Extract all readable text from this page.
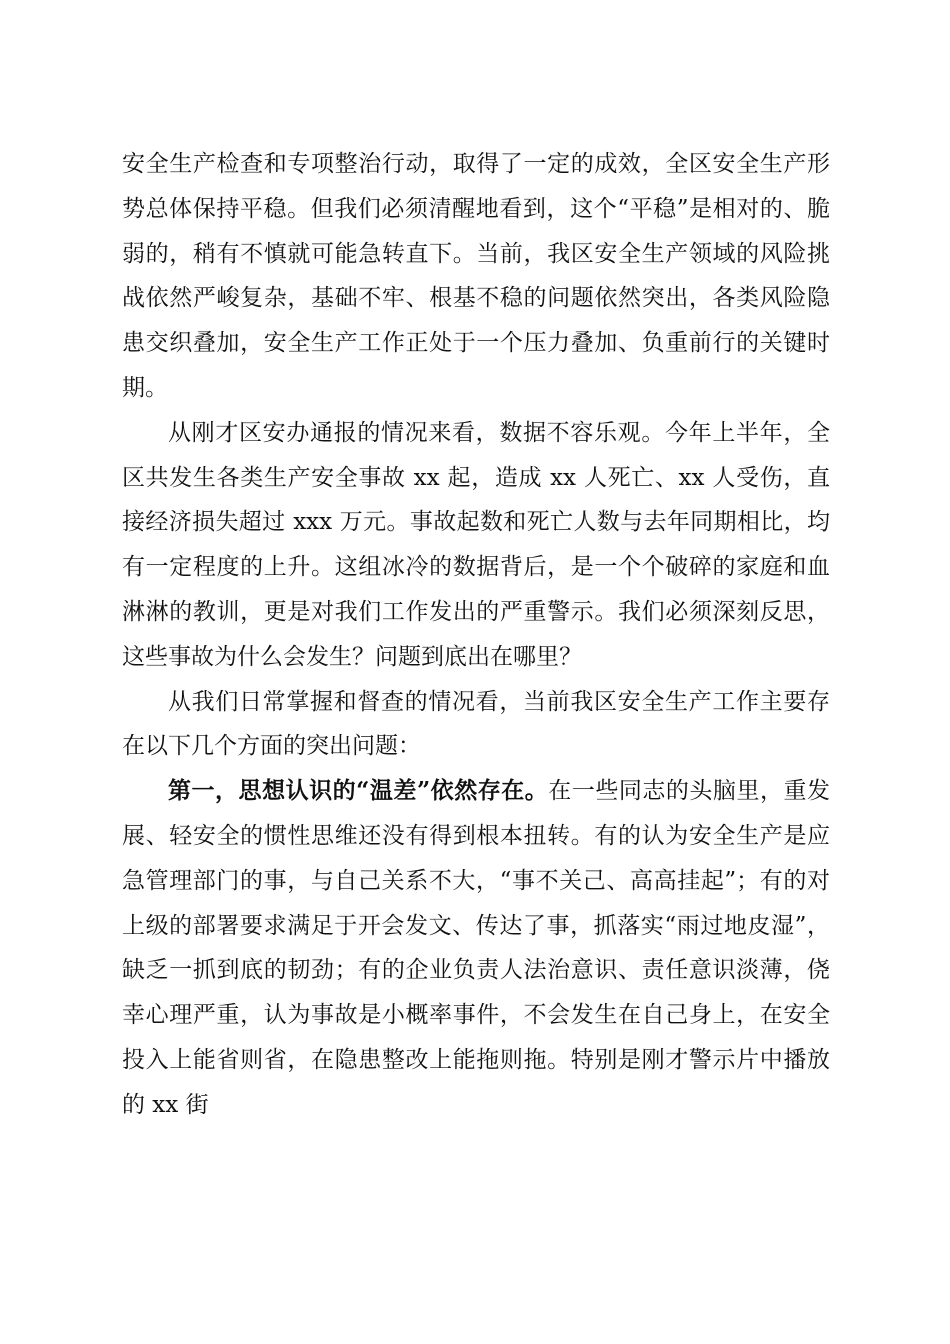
安全生产检查和专项整治行动，取得了一定的成效，全区安全生产形势总体保持平稳。但我们必须清醒地看到，这个“平稳”是相对的、脆弱的，稍有不慎就可能急转直下。当前，我区安全生产领域的风险挑战依然严峻复杂，基础不牢、根基不稳的问题依然突出，各类风险隐患交织叠加，安全生产工作正处于一个压力叠加、负重前行的关键时期。

从刚才区安办通报的情况来看，数据不容乐观。今年上半年，全区共发生各类生产安全事故 xx 起，造成 xx 人死亡、xx 人受伤，直接经济损失超过 xxx 万元。事故起数和死亡人数与去年同期相比，均有一定程度的上升。这组冰冷的数据背后，是一个个破碎的家庭和血淋淋的教训，更是对我们工作发出的严重警示。我们必须深刻反思，这些事故为什么会发生？问题到底出在哪里？

从我们日常掌握和督查的情况看，当前我区安全生产工作主要存在以下几个方面的突出问题：

第一，思想认识的“温差”依然存在。在一些同志的头脑里，重发展、轻安全的惯性思维还没有得到根本扭转。有的认为安全生产是应急管理部门的事，与自己关系不大，“事不关己、高高挂起”；有的对上级的部署要求满足于开会发文、传达了事，抓落实“雨过地皮湿”，缺乏一抓到底的韧劲；有的企业负责人法治意识、责任意识淡薄，侥幸心理严重，认为事故是小概率事件，不会发生在自己身上，在安全投入上能省则省，在隐患整改上能拖则拖。特别是刚才警示片中播放的 xx 街
